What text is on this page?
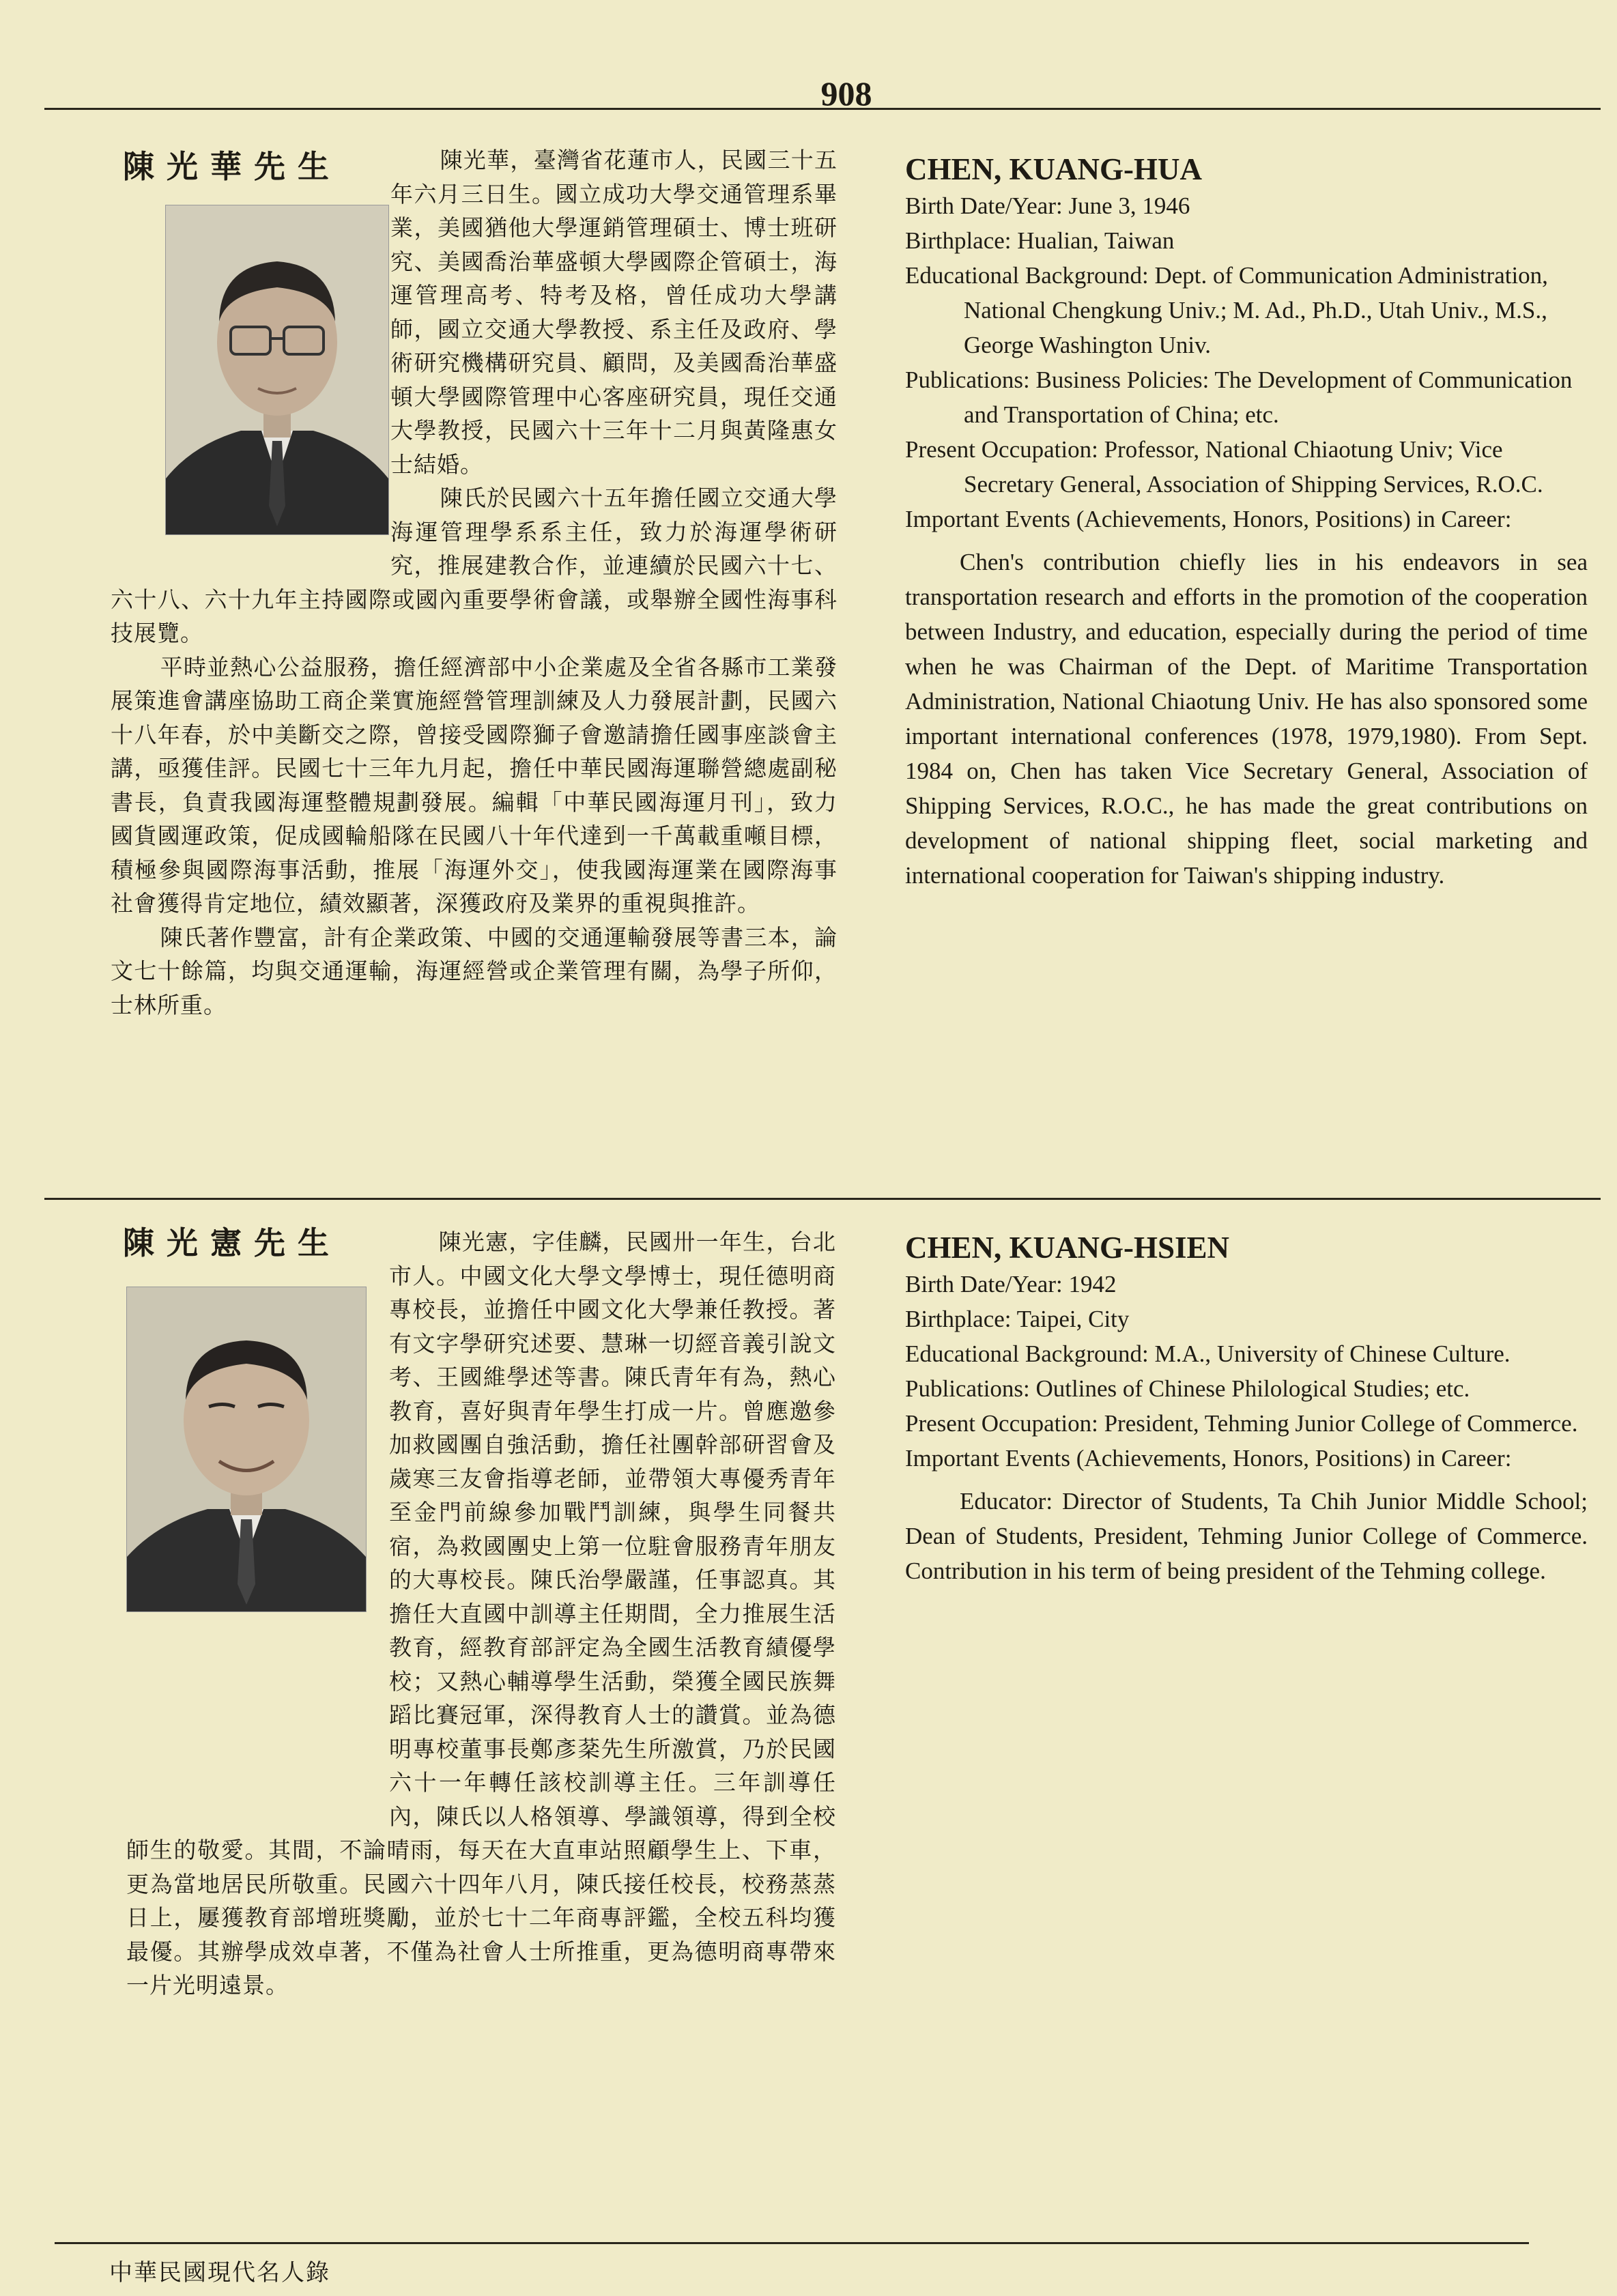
908
陳光華先生	陳光華，臺灣省花蓮市人，民國三十五年六月三日生。國立成功大學交通管理系畢業，美國猶他大學運銷管理碩士、博士班研究、美國喬治華盛頓大學國際企管碩士，海運管理高考、特考及格，曾任成功大學講師，國立交通大學教授、系主任及政府、學術研究機構研究員、顧問，及美國喬治華盛頓大學國際管理中心客座研究員，現任交通大學教授，民國六十三年十二月與黃隆惠女士結婚。

陳氏於民國六十五年擔任國立交通大學海運管理學系系主任，致力於海運學術研究，推展建教合作，並連續於民國六十七、六十八、六十九年主持國際或國內重要學術會議，或舉辦全國性海事科技展覽。

平時並熱心公益服務，擔任經濟部中小企業處及全省各縣市工業發展策進會講座協助工商企業實施經營管理訓練及人力發展計劃，民國六十八年春，於中美斷交之際，曾接受國際獅子會邀請擔任國事座談會主講，亟獲佳評。民國七十三年九月起，擔任中華民國海運聯營總處副秘書長，負責我國海運整體規劃發展。編輯「中華民國海運月刊」，致力國貨國運政策，促成國輪船隊在民國八十年代達到一千萬載重噸目標，積極參與國際海事活動，推展「海運外交」，使我國海運業在國際海事社會獲得肯定地位，績效顯著，深獲政府及業界的重視與推許。

陳氏著作豐富，計有企業政策、中國的交通運輸發展等書三本，論文七十餘篇，均與交通運輸，海運經營或企業管理有關，為學子所仰，士林所重。

CHEN, KUANG-HUA
Birth Date/Year: June 3, 1946
Birthplace: Hualian, Taiwan
Educational Background: Dept. of Communication Administration, National Chengkung Univ.; M. Ad., Ph.D., Utah Univ., M.S., George Washington Univ.
Publications: Business Policies: The Development of Communication and Transportation of China; etc.
Present Occupation: Professor, National Chiaotung Univ; Vice Secretary General, Association of Shipping Services, R.O.C.
Important Events (Achievements, Honors, Positions) in Career:
Chen's contribution chiefly lies in his endeavors in sea transportation research and efforts in the promotion of the cooperation between Industry, and education, especially during the period of time when he was Chairman of the Dept. of Maritime Transportation Administration, National Chiaotung Univ. He has also sponsored some important international conferences (1978, 1979,1980). From Sept. 1984 on, Chen has taken Vice Secretary General, Association of Shipping Services, R.O.C., he has made the great contributions on development of national shipping fleet, social marketing and international cooperation for Taiwan's shipping industry.
陳光憲先生	陳光憲，字佳麟，民國卅一年生，台北市人。中國文化大學文學博士，現任德明商專校長，並擔任中國文化大學兼任教授。著有文字學研究述要、慧琳一切經音義引說文考、王國維學述等書。陳氏青年有為，熱心教育，喜好與青年學生打成一片。曾應邀參加救國團自強活動，擔任社團幹部研習會及歲寒三友會指導老師，並帶領大專優秀青年至金門前線參加戰鬥訓練，與學生同餐共宿，為救國團史上第一位駐會服務青年朋友的大專校長。陳氏治學嚴謹，任事認真。其擔任大直國中訓導主任期間，全力推展生活教育，經教育部評定為全國生活教育績優學校；又熱心輔導學生活動，榮獲全國民族舞蹈比賽冠軍，深得教育人士的讚賞。並為德明專校董事長鄭彥棻先生所激賞，乃於民國六十一年轉任該校訓導主任。三年訓導任內，陳氏以人格領導、學識領導，得到全校師生的敬愛。其間，不論晴雨，每天在大直車站照顧學生上、下車，更為當地居民所敬重。民國六十四年八月，陳氏接任校長，校務蒸蒸日上，屢獲教育部增班獎勵，並於七十二年商專評鑑，全校五科均獲最優。其辦學成效卓著，不僅為社會人士所推重，更為德明商專帶來一片光明遠景。

CHEN, KUANG-HSIEN
Birth Date/Year: 1942
Birthplace: Taipei, City
Educational Background: M.A., University of Chinese Culture.
Publications: Outlines of Chinese Philological Studies; etc.
Present Occupation: President, Tehming Junior College of Commerce.
Important Events (Achievements, Honors, Positions) in Career:
Educator: Director of Students, Ta Chih Junior Middle School; Dean of Students, President, Tehming Junior College of Commerce. Contribution in his term of being president of the Tehming college.
中華民國現代名人錄
